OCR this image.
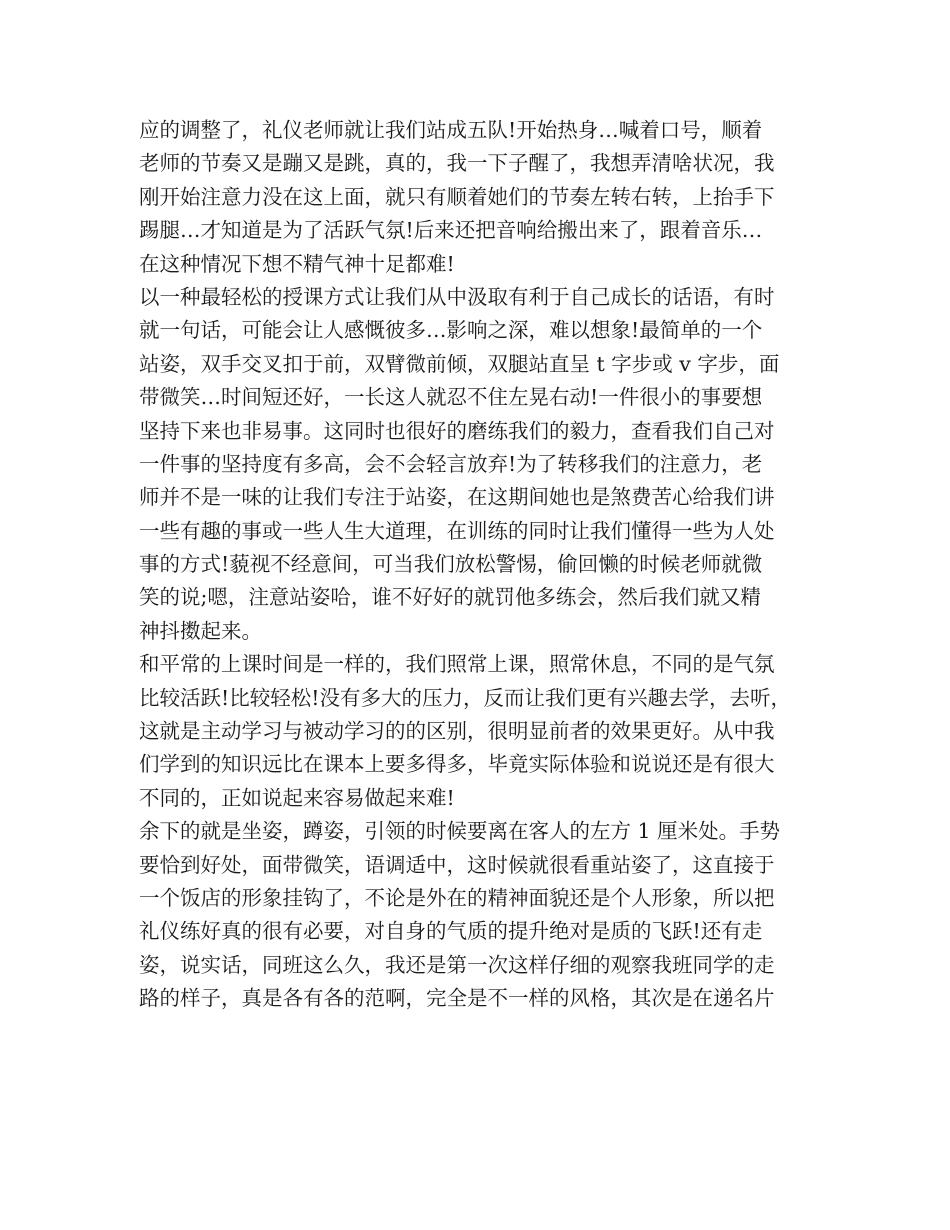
应的调整了，礼仪老师就让我们站成五队!开始热身…喊着口号，顺着
老师的节奏又是蹦又是跳，真的，我一下子醒了，我想弄清啥状况，我
刚开始注意力没在这上面，就只有顺着她们的节奏左转右转，上抬手下
踢腿…才知道是为了活跃气氛!后来还把音响给搬出来了，跟着音乐…
在这种情况下想不精气神十足都难!
以一种最轻松的授课方式让我们从中汲取有利于自己成长的话语，有时
就一句话，可能会让人感慨彼多…影响之深，难以想象!最简单的一个
站姿，双手交叉扣于前，双臂微前倾，双腿站直呈 t 字步或 v 字步，面
带微笑…时间短还好，一长这人就忍不住左晃右动!一件很小的事要想
坚持下来也非易事。这同时也很好的磨练我们的毅力，查看我们自己对
一件事的坚持度有多高，会不会轻言放弃!为了转移我们的注意力，老
师并不是一味的让我们专注于站姿，在这期间她也是煞费苦心给我们讲
一些有趣的事或一些人生大道理，在训练的同时让我们懂得一些为人处
事的方式!藐视不经意间，可当我们放松警惕，偷回懒的时候老师就微
笑的说;嗯，注意站姿哈，谁不好好的就罚他多练会，然后我们就又精
神抖擞起来。
和平常的上课时间是一样的，我们照常上课，照常休息，不同的是气氛
比较活跃!比较轻松!没有多大的压力，反而让我们更有兴趣去学，去听，
这就是主动学习与被动学习的的区别，很明显前者的效果更好。从中我
们学到的知识远比在课本上要多得多，毕竟实际体验和说说还是有很大
不同的，正如说起来容易做起来难!
余下的就是坐姿，蹲姿，引领的时候要离在客人的左方 1 厘米处。手势
要恰到好处，面带微笑，语调适中，这时候就很看重站姿了，这直接于
一个饭店的形象挂钩了，不论是外在的精神面貌还是个人形象，所以把
礼仪练好真的很有必要，对自身的气质的提升绝对是质的飞跃!还有走
姿，说实话，同班这么久，我还是第一次这样仔细的观察我班同学的走
路的样子，真是各有各的范啊，完全是不一样的风格，其次是在递名片
